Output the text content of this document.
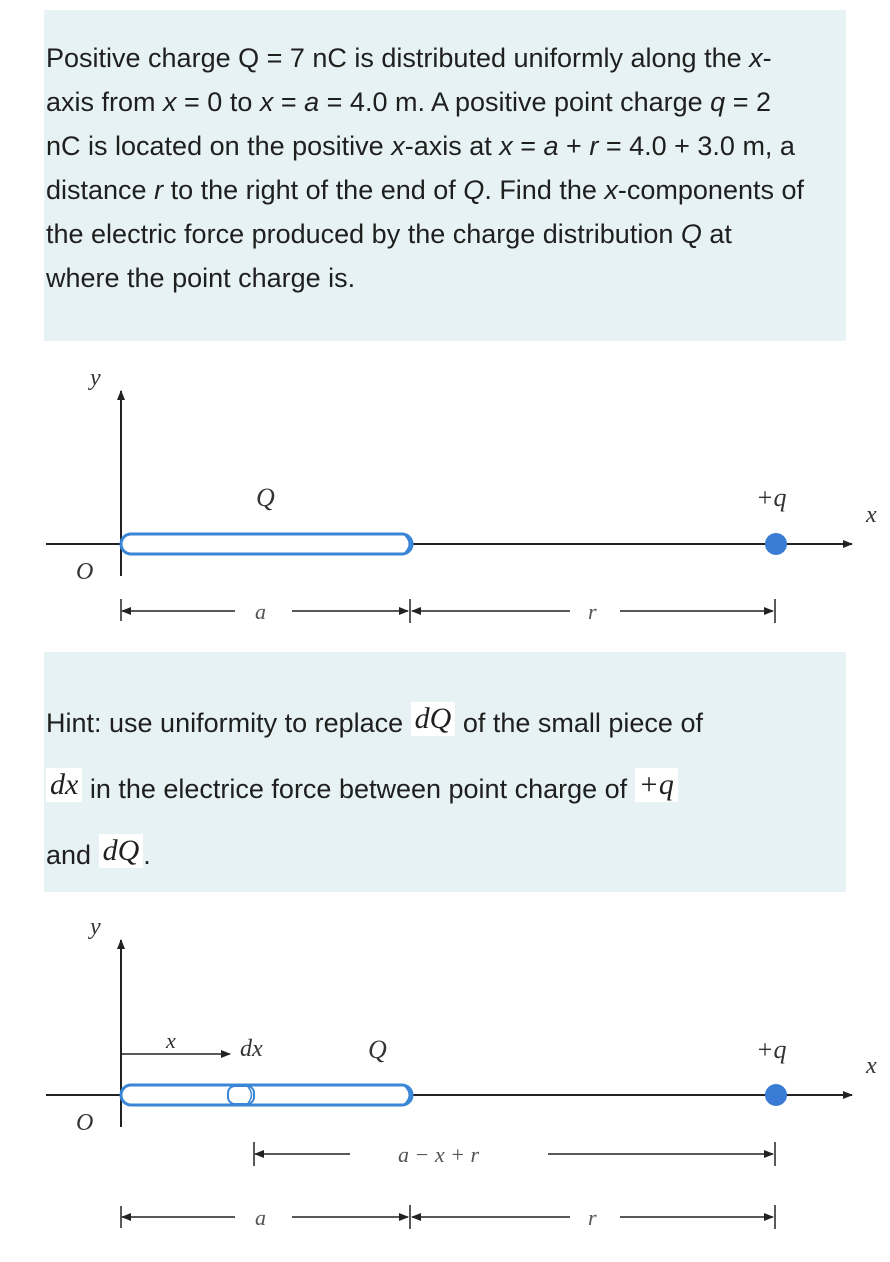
Positive charge Q = 7 nC is distributed uniformly along the x-axis from x = 0 to x = a = 4.0 m. A positive point charge q = 2 nC is located on the positive x-axis at x = a + r = 4.0 + 3.0 m, a distance r to the right of the end of Q. Find the x-components of the electric force produced by the charge distribution Q at where the point charge is.
y
x
O
Q	+q
a	r
Hint: use uniformity to replace dQ of the small piece of
dx in the electrice force between point charge of +q
and dQ .
y
x
O
x	dx	Q	+q
a − x + r
a	r
